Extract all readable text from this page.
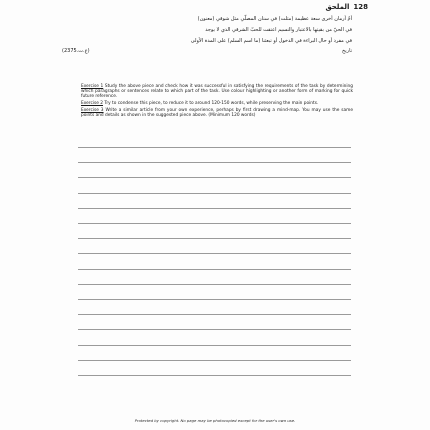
الملحق 128
أمّ أرمان أخرى سعة عظيمة (مثلت) في سنان المصلّي مثل شوقي (معنون)
في الحيّ من بقيتها بالاعتبار والنسيم اعتقت للحبّ الشرقي الذي لا يوجد
في مفرد أو حال البراءة في الدخول أو تبعثنا (ما اسم السلم) على المدة الأولى
تاريخ
(ع.ت.2375)

Exercise 1 Study the above piece and check how it was successful in satisfying the requirements of the task by determining which paragraphs or sentences relate to which part of the task. Use colour highlighting or another form of marking for quick future reference.

Exercise 2 Try to condense this piece, to reduce it to around 120-150 words, while preserving the main points.

Exercise 3 Write a similar article from your own experience, perhaps by first drawing a mind-map. You may use the same points and details as shown in the suggested piece above. (Minimum 120 words)

Protected by copyright. No page may be photocopied except for the user's own use.
